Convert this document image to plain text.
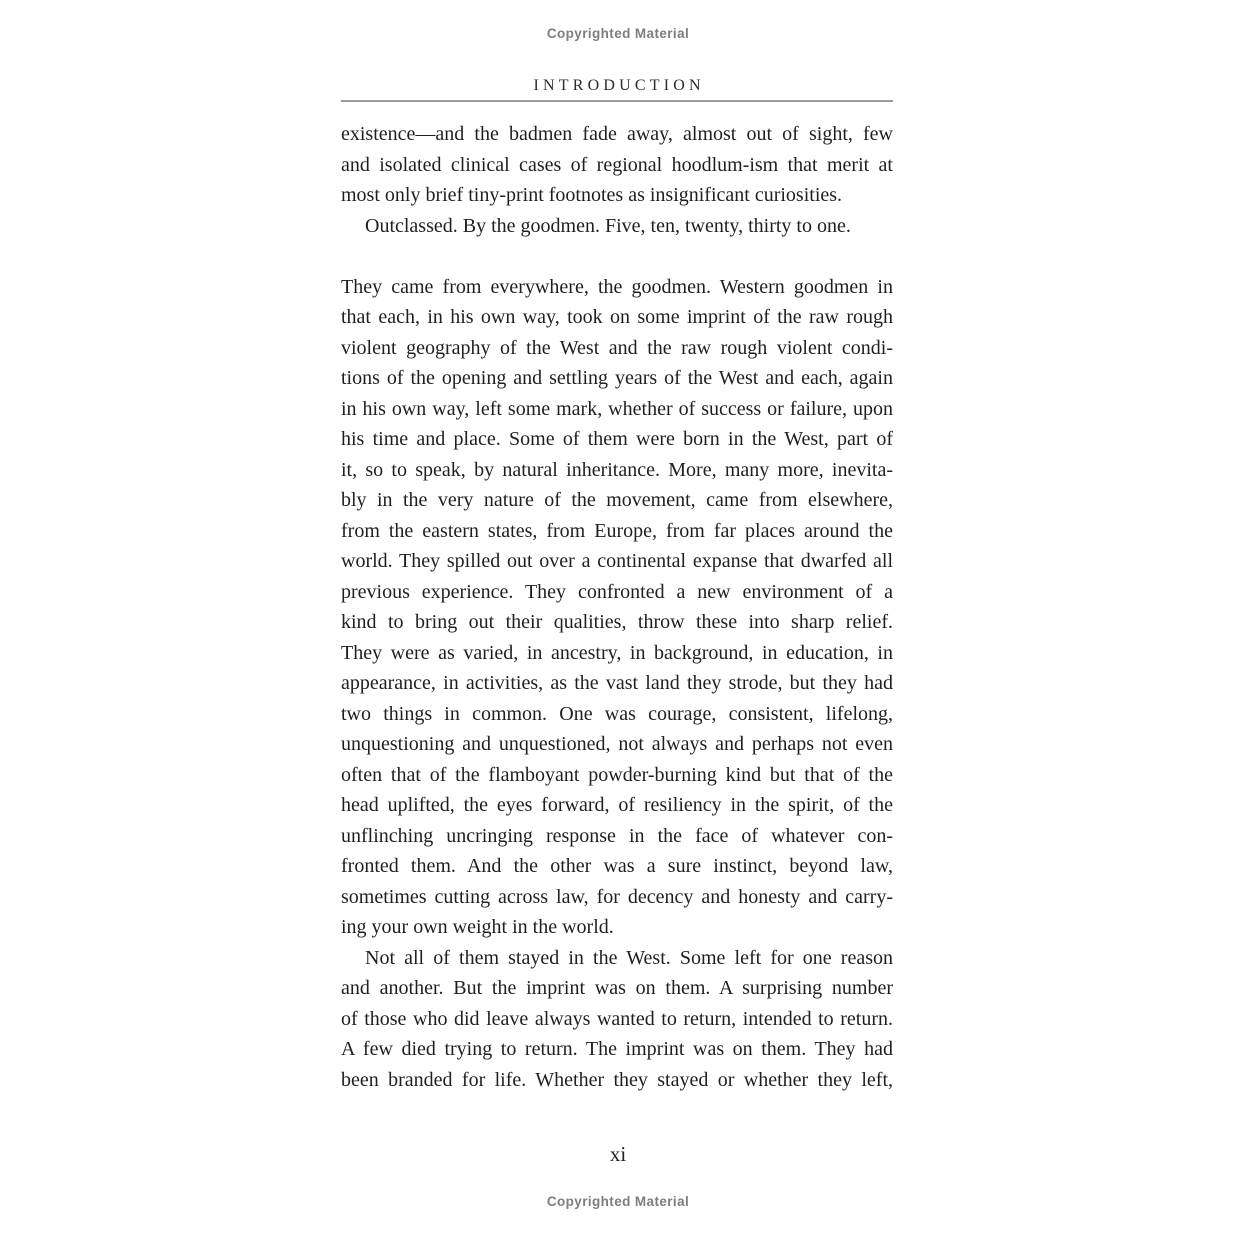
Copyrighted Material
INTRODUCTION

existence—and the badmen fade away, almost out of sight, few
and isolated clinical cases of regional hoodlum-ism that merit at
most only brief tiny-print footnotes as insignificant curiosities.

Outclassed. By the goodmen. Five, ten, twenty, thirty to one.

They came from everywhere, the goodmen. Western goodmen in
that each, in his own way, took on some imprint of the raw rough
violent geography of the West and the raw rough violent condi-
tions of the opening and settling years of the West and each, again
in his own way, left some mark, whether of success or failure, upon
his time and place. Some of them were born in the West, part of
it, so to speak, by natural inheritance. More, many more, inevita-
bly in the very nature of the movement, came from elsewhere,
from the eastern states, from Europe, from far places around the
world. They spilled out over a continental expanse that dwarfed all
previous experience. They confronted a new environment of a
kind to bring out their qualities, throw these into sharp relief.
They were as varied, in ancestry, in background, in education, in
appearance, in activities, as the vast land they strode, but they had
two things in common. One was courage, consistent, lifelong,
unquestioning and unquestioned, not always and perhaps not even
often that of the flamboyant powder-burning kind but that of the
head uplifted, the eyes forward, of resiliency in the spirit, of the
unflinching uncringing response in the face of whatever con-
fronted them. And the other was a sure instinct, beyond law,
sometimes cutting across law, for decency and honesty and carry-
ing your own weight in the world.

Not all of them stayed in the West. Some left for one reason
and another. But the imprint was on them. A surprising number
of those who did leave always wanted to return, intended to return.
A few died trying to return. The imprint was on them. They had
been branded for life. Whether they stayed or whether they left,

xi
Copyrighted Material
